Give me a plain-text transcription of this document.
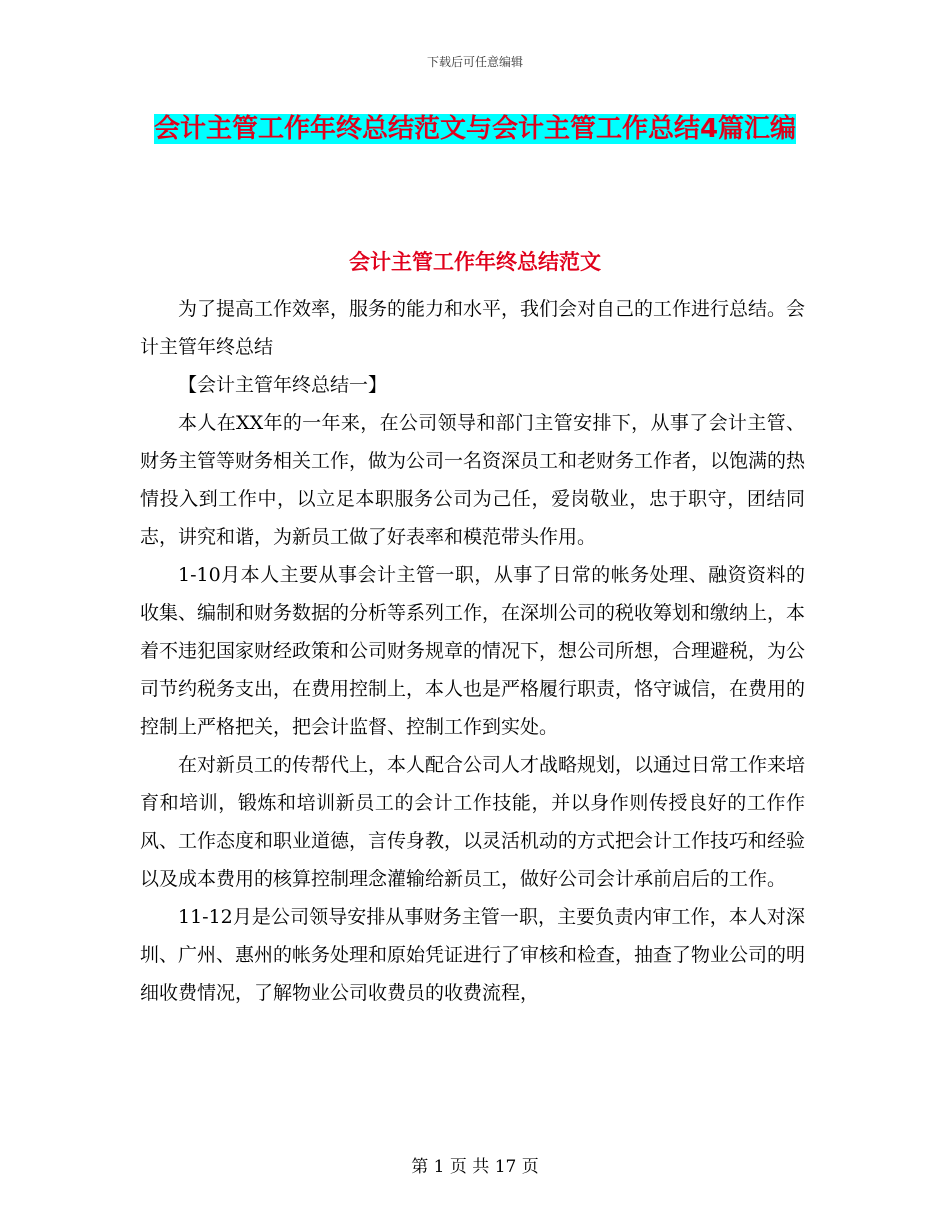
下载后可任意编辑
会计主管工作年终总结范文与会计主管工作总结4篇汇编
会计主管工作年终总结范文

为了提高工作效率，服务的能力和水平，我们会对自己的工作进行总结。会计主管年终总结

【会计主管年终总结一】

本人在XX年的一年来，在公司领导和部门主管安排下，从事了会计主管、财务主管等财务相关工作，做为公司一名资深员工和老财务工作者，以饱满的热情投入到工作中，以立足本职服务公司为己任，爱岗敬业，忠于职守，团结同志，讲究和谐，为新员工做了好表率和模范带头作用。

1-10月本人主要从事会计主管一职，从事了日常的帐务处理、融资资料的收集、编制和财务数据的分析等系列工作，在深圳公司的税收筹划和缴纳上，本着不违犯国家财经政策和公司财务规章的情况下，想公司所想，合理避税，为公司节约税务支出，在费用控制上，本人也是严格履行职责，恪守诚信，在费用的控制上严格把关，把会计监督、控制工作到实处。

在对新员工的传帮代上，本人配合公司人才战略规划，以通过日常工作来培育和培训，锻炼和培训新员工的会计工作技能，并以身作则传授良好的工作作风、工作态度和职业道德，言传身教，以灵活机动的方式把会计工作技巧和经验以及成本费用的核算控制理念灌输给新员工，做好公司会计承前启后的工作。

11-12月是公司领导安排从事财务主管一职，主要负责内审工作，本人对深圳、广州、惠州的帐务处理和原始凭证进行了审核和检查，抽查了物业公司的明细收费情况，了解物业公司收费员的收费流程，

第 1 页 共 17 页
